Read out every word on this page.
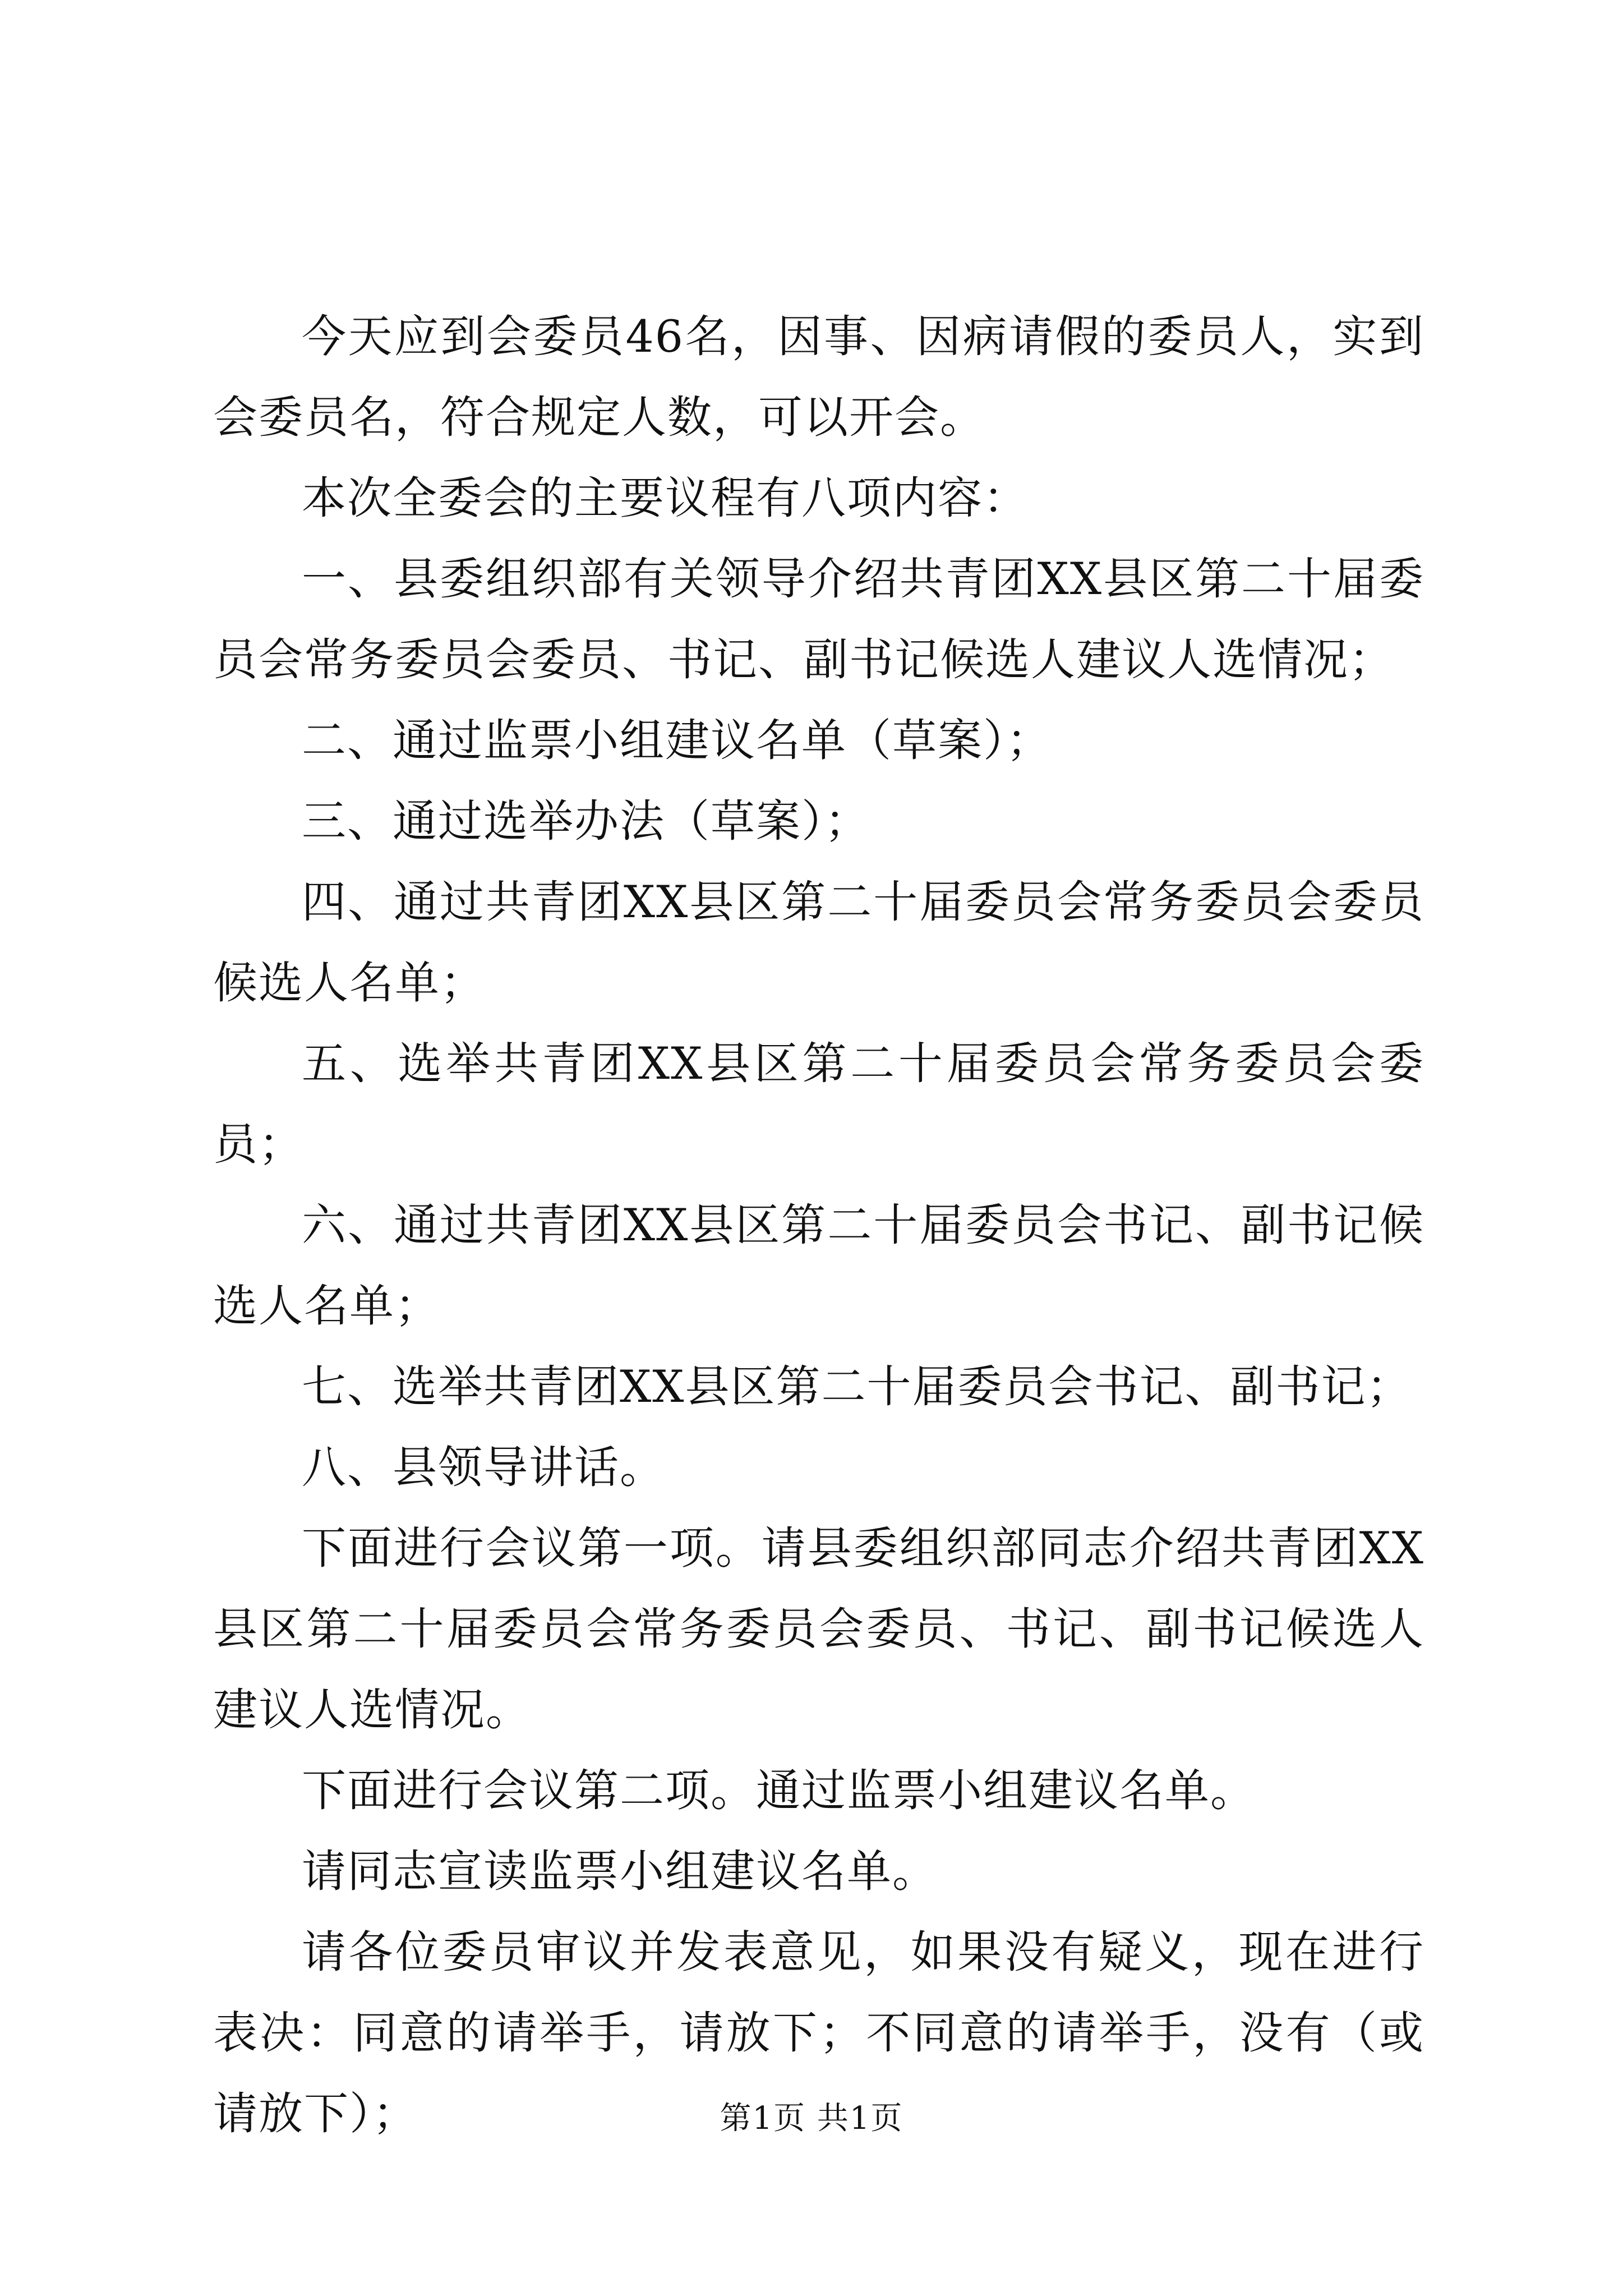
今天应到会委员46名，因事、因病请假的委员人，实到会委员名，符合规定人数，可以开会。

本次全委会的主要议程有八项内容：

一、县委组织部有关领导介绍共青团XX县区第二十届委员会常务委员会委员、书记、副书记候选人建议人选情况；

二、通过监票小组建议名单（草案）；

三、通过选举办法（草案）；

四、通过共青团XX县区第二十届委员会常务委员会委员候选人名单；

五、选举共青团XX县区第二十届委员会常务委员会委员；

六、通过共青团XX县区第二十届委员会书记、副书记候选人名单；

七、选举共青团XX县区第二十届委员会书记、副书记；

八、县领导讲话。

下面进行会议第一项。请县委组织部同志介绍共青团XX县区第二十届委员会常务委员会委员、书记、副书记候选人建议人选情况。

下面进行会议第二项。通过监票小组建议名单。

请同志宣读监票小组建议名单。

请各位委员审议并发表意见，如果没有疑义，现在进行表决：同意的请举手，请放下；不同意的请举手，没有（或请放下）；	第1页 共1页
